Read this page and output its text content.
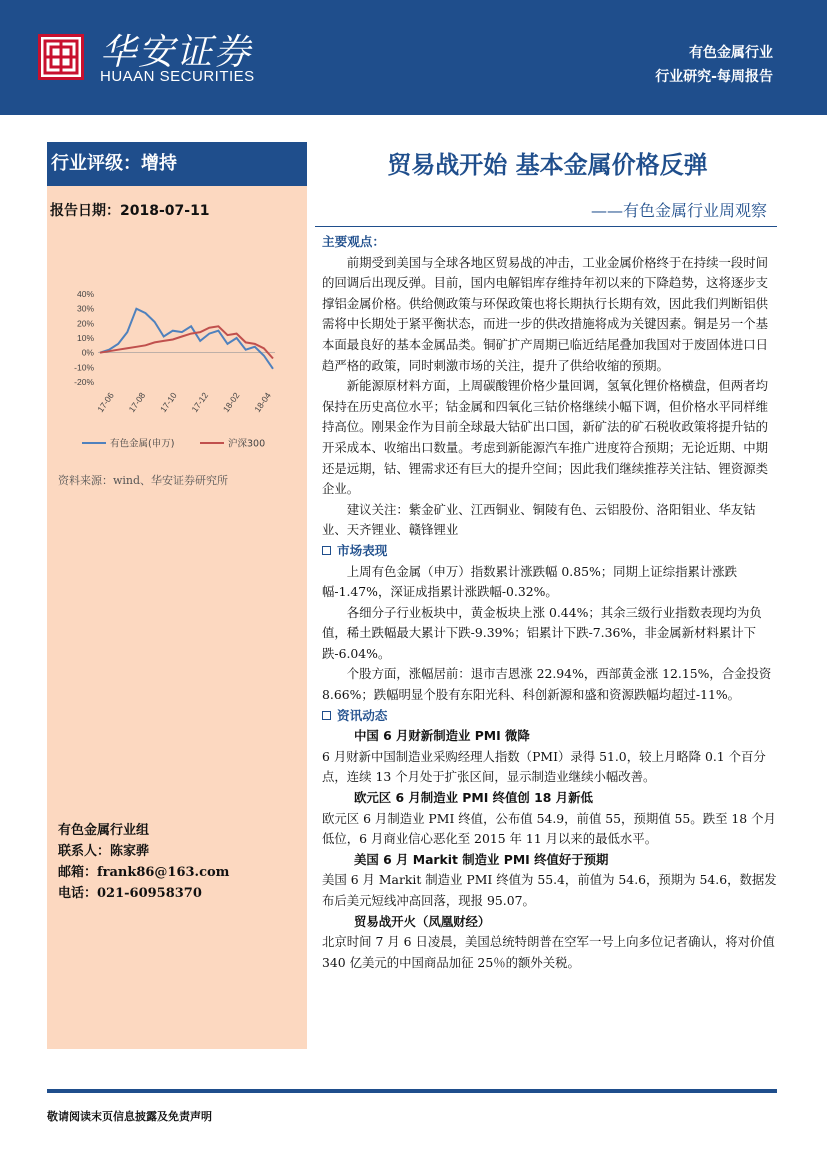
华安证券
HUAAN SECURITIES
有色金属行业
行业研究-每周报告
行业评级：增持
报告日期：2018-07-11
40%
30%
20%
10%
0%
-10%
-20%
17-06 17-08 17-10 17-12 18-02 18-04
有色金属(申万)	沪深300
资料来源：wind、华安证券研究所
有色金属行业组
联系人：陈家骅
邮箱：frank86@163.com
电话：021-60958370
贸易战开始 基本金属价格反弹
——有色金属行业周观察

主要观点：

前期受到美国与全球各地区贸易战的冲击，工业金属价格终于在持续一段时间的回调后出现反弹。目前，国内电解铝库存维持年初以来的下降趋势，这将逐步支撑铝金属价格。供给侧政策与环保政策也将长期执行长期有效，因此我们判断铝供需将中长期处于紧平衡状态，而进一步的供改措施将成为关键因素。铜是另一个基本面最良好的基本金属品类。铜矿扩产周期已临近结尾叠加我国对于废固体进口日趋严格的政策，同时刺激市场的关注，提升了供给收缩的预期。

新能源原材料方面，上周碳酸锂价格少量回调，氢氧化锂价格横盘，但两者均保持在历史高位水平；钴金属和四氧化三钴价格继续小幅下调，但价格水平同样维持高位。刚果金作为目前全球最大钴矿出口国，新矿法的矿石税收政策将提升钴的开采成本、收缩出口数量。考虑到新能源汽车推广进度符合预期；无论近期、中期还是远期，钴、锂需求还有巨大的提升空间；因此我们继续推荐关注钴、锂资源类企业。

建议关注：紫金矿业、江西铜业、铜陵有色、云铝股份、洛阳钼业、华友钴业、天齐锂业、赣锋锂业

市场表现

上周有色金属（申万）指数累计涨跌幅 0.85%；同期上证综指累计涨跌幅-1.47%，深证成指累计涨跌幅-0.32%。

各细分子行业板块中，黄金板块上涨 0.44%；其余三级行业指数表现均为负值，稀土跌幅最大累计下跌-9.39%；铝累计下跌-7.36%，非金属新材料累计下跌-6.04%。

个股方面，涨幅居前：退市吉恩涨 22.94%，西部黄金涨 12.15%，合金投资 8.66%；跌幅明显个股有东阳光科、科创新源和盛和资源跌幅均超过-11%。

资讯动态

中国 6 月财新制造业 PMI 微降

6 月财新中国制造业采购经理人指数（PMI）录得 51.0，较上月略降 0.1 个百分点，连续 13 个月处于扩张区间，显示制造业继续小幅改善。

欧元区 6 月制造业 PMI 终值创 18 月新低

欧元区 6 月制造业 PMI 终值，公布值 54.9，前值 55，预期值 55。跌至 18 个月低位，6 月商业信心恶化至 2015 年 11 月以来的最低水平。

美国 6 月 Markit 制造业 PMI 终值好于预期

美国 6 月 Markit 制造业 PMI 终值为 55.4，前值为 54.6，预期为 54.6，数据发布后美元短线冲高回落，现报 95.07。

贸易战开火（凤凰财经）

北京时间 7 月 6 日凌晨，美国总统特朗普在空军一号上向多位记者确认，将对价值 340 亿美元的中国商品加征 25％的额外关税。

敬请阅读末页信息披露及免责声明
